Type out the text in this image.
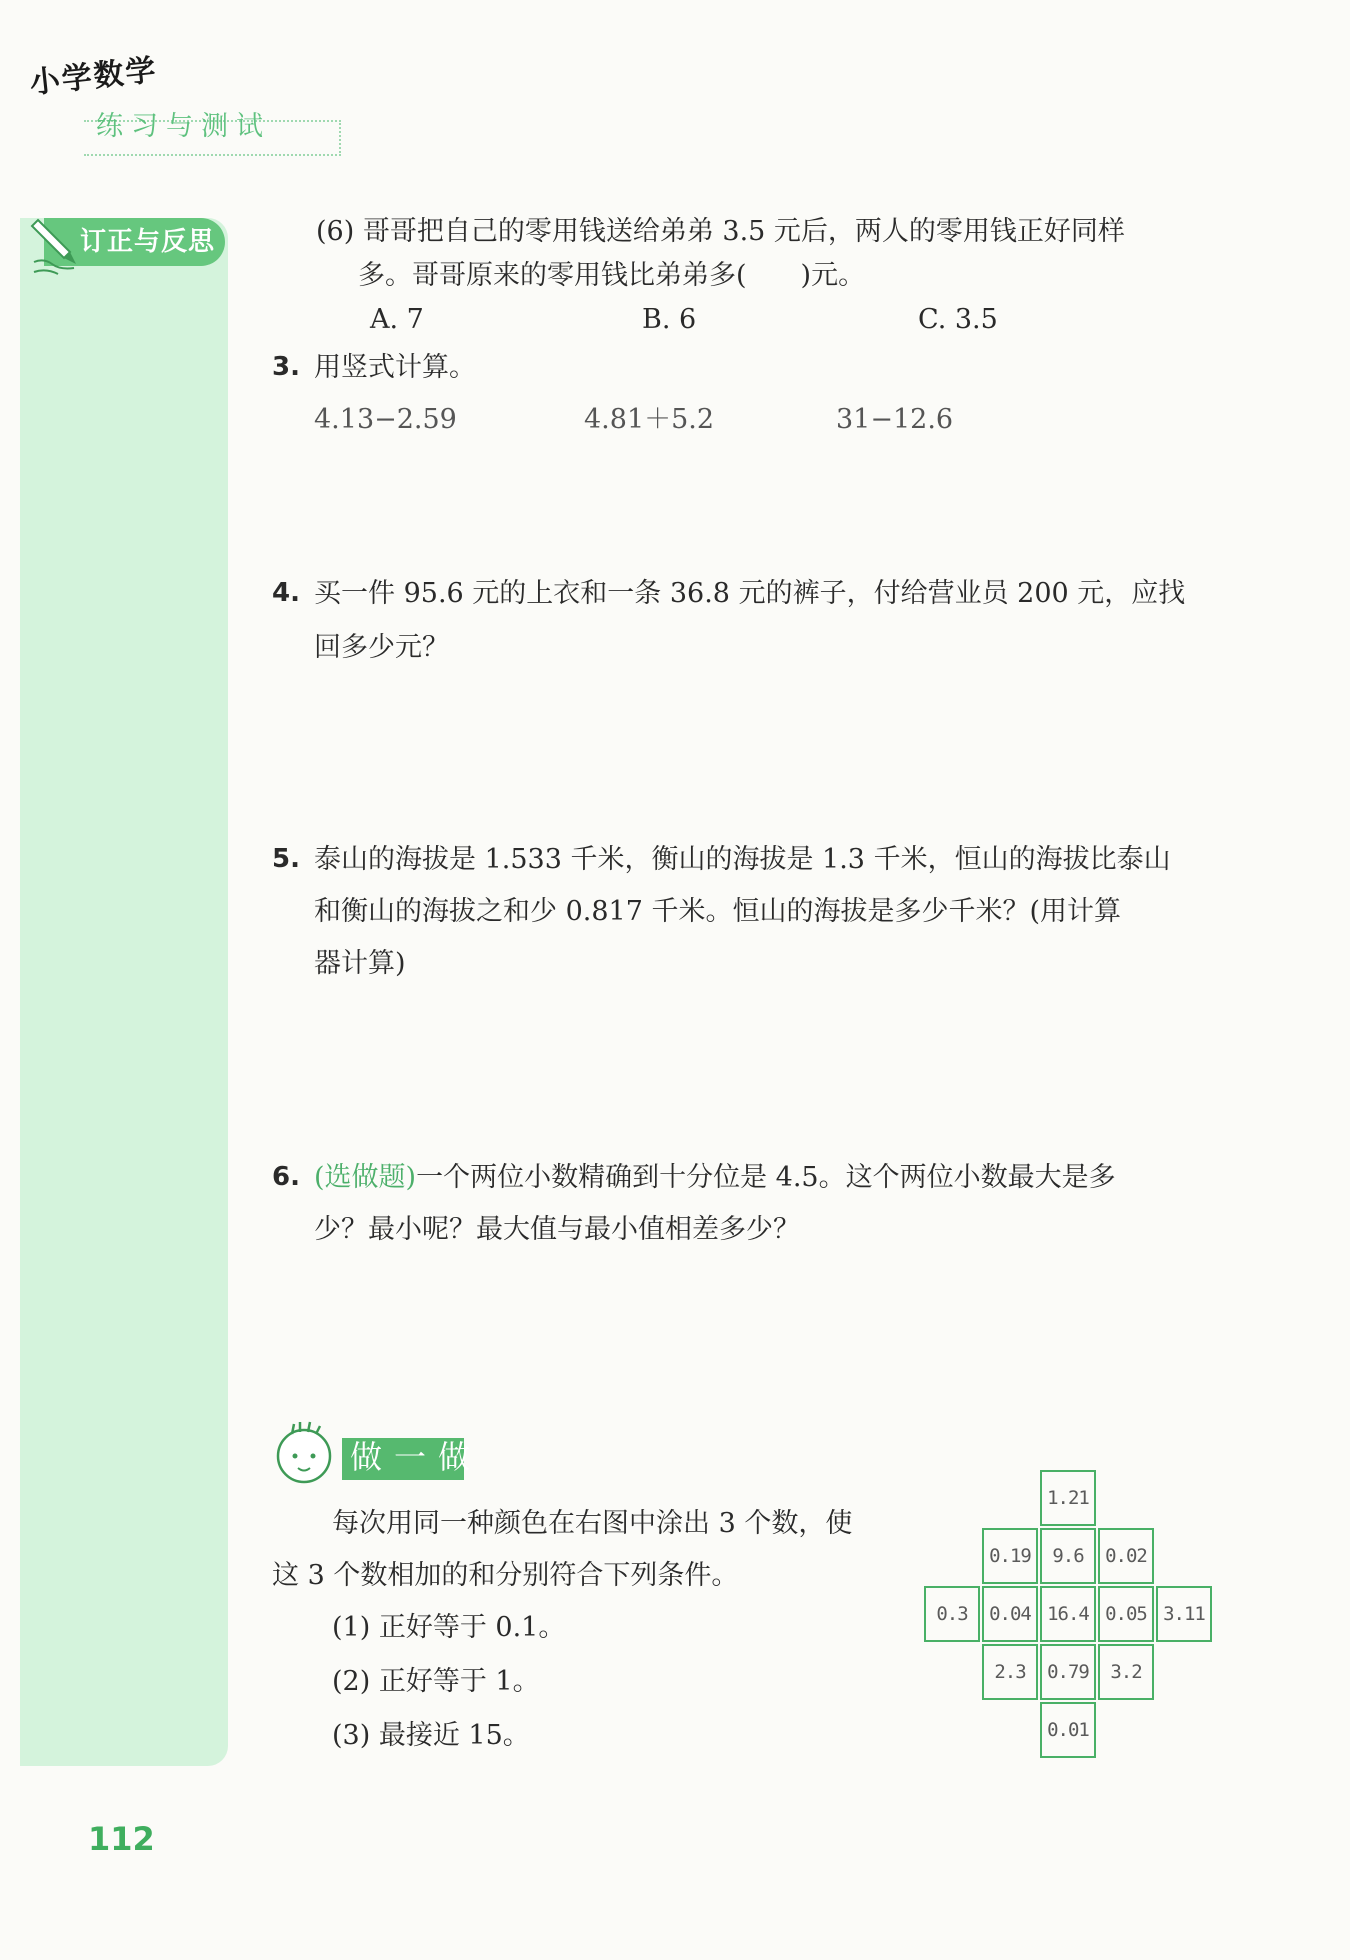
小学数学
练习与测试
订正与反思	(6) 哥哥把自己的零用钱送给弟弟 3.5 元后，两人的零用钱正好同样
多。哥哥原来的零用钱比弟弟多(　　)元。
A. 7	B. 6	C. 3.5
3. 用竖式计算。
4.13−2.59	4.81＋5.2	31−12.6
4. 买一件 95.6 元的上衣和一条 36.8 元的裤子，付给营业员 200 元，应找
回多少元？
5. 泰山的海拔是 1.533 千米，衡山的海拔是 1.3 千米，恒山的海拔比泰山
和衡山的海拔之和少 0.817 千米。恒山的海拔是多少千米？(用计算
器计算)
6. (选做题)一个两位小数精确到十分位是 4.5。这个两位小数最大是多
少？最小呢？最大值与最小值相差多少？
做一做
每次用同一种颜色在右图中涂出 3 个数，使
这 3 个数相加的和分别符合下列条件。
(1) 正好等于 0.1。
(2) 正好等于 1。
(3) 最接近 15。
1.21
0.19	9.6	0.02
0.3	0.04 16.4 0.05 3.11
2.3	0.79	3.2
0.01
112
